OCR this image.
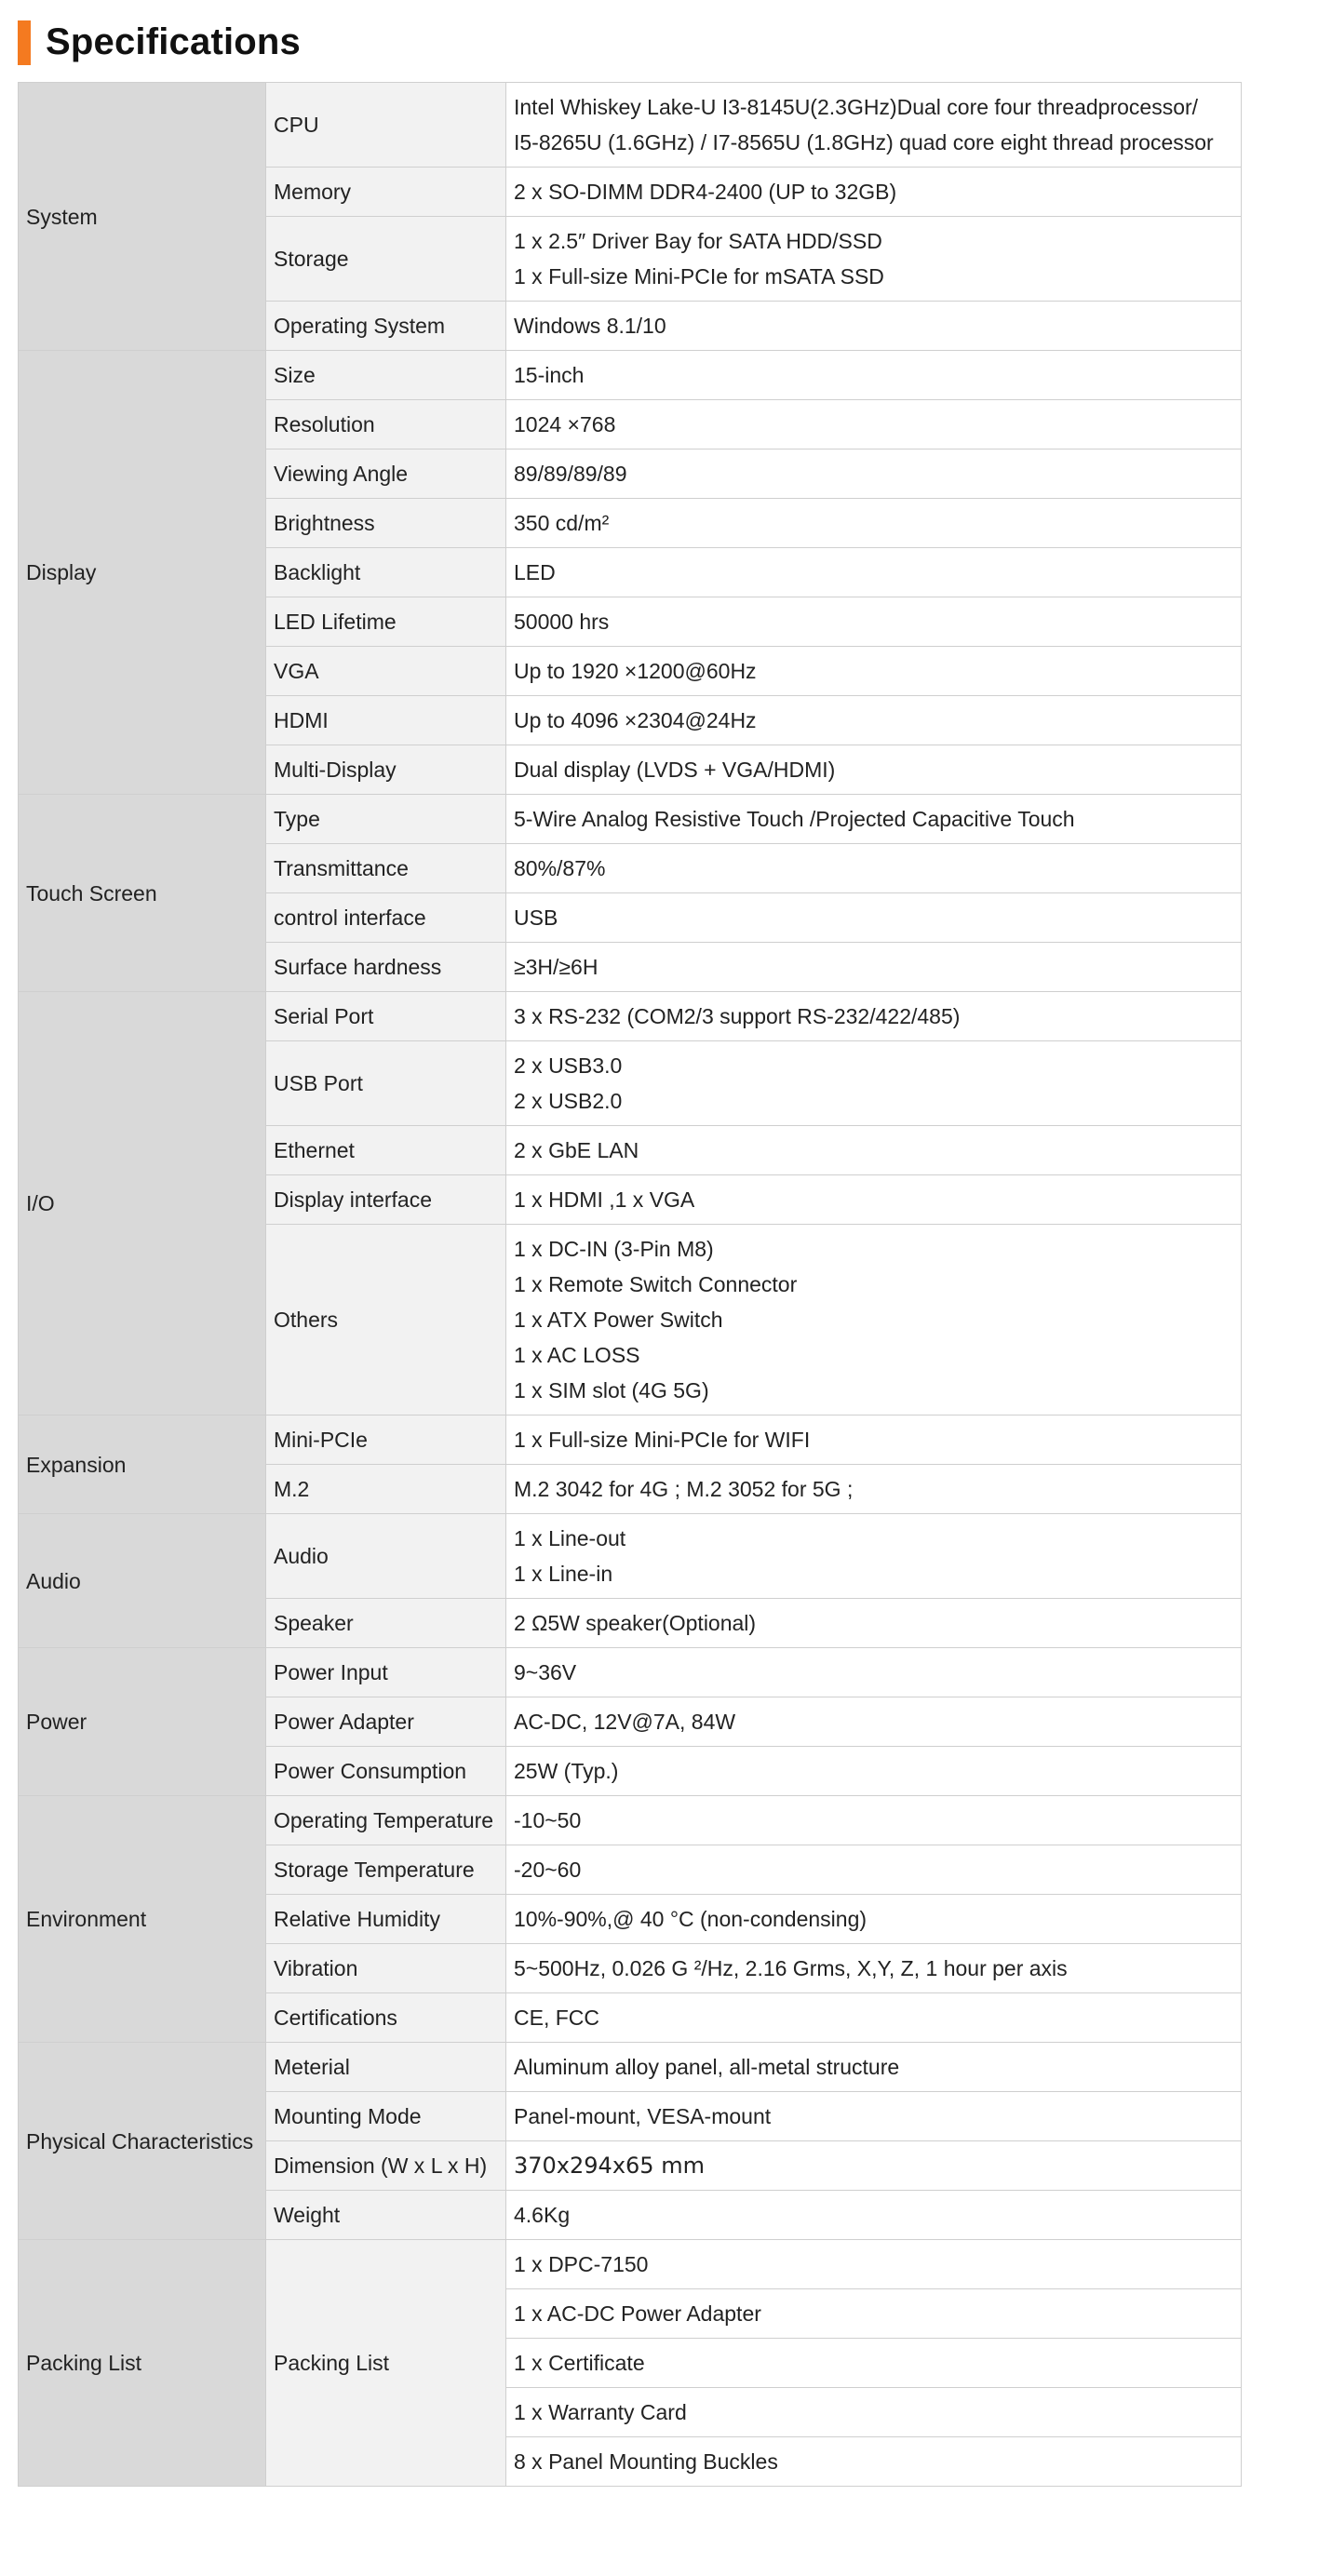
Specifications
System	CPU	Intel Whiskey Lake-U I3-8145U(2.3GHz)Dual core four threadprocessor/
I5-8265U (1.6GHz) / I7-8565U (1.8GHz) quad core eight thread processor

	Memory	2 x SO-DIMM DDR4-2400 (UP to 32GB)

	Storage	1 x 2.5″ Driver Bay for SATA HDD/SSD
1 x Full-size Mini-PCIe for mSATA SSD

	Operating System	Windows 8.1/10

Display	Size	15-inch

	Resolution	1024 ×768

	Viewing Angle	89/89/89/89

	Brightness	350 cd/m²

	Backlight	LED

	LED Lifetime	50000 hrs

	VGA	Up to 1920 ×1200@60Hz

	HDMI	Up to 4096 ×2304@24Hz

	Multi-Display	Dual display (LVDS + VGA/HDMI)

Touch Screen	Type	5-Wire Analog Resistive Touch /Projected Capacitive Touch

	Transmittance	80%/87%

	control interface	USB

	Surface hardness	≥3H/≥6H

I/O	Serial Port	3 x RS-232 (COM2/3 support RS-232/422/485)

	USB Port	2 x USB3.0
2 x USB2.0

	Ethernet	2 x GbE LAN

	Display interface	1 x HDMI ,1 x VGA

	Others	1 x DC-IN (3-Pin M8)
1 x Remote Switch Connector
1 x ATX Power Switch
1 x AC LOSS
1 x SIM slot (4G 5G)

Expansion	Mini-PCIe	1 x Full-size Mini-PCIe for WIFI

	M.2	M.2 3042 for 4G ; M.2 3052 for 5G ;

Audio	Audio	1 x Line-out
1 x Line-in

	Speaker	2 Ω5W speaker(Optional)

Power	Power Input	9~36V

	Power Adapter	AC-DC, 12V@7A, 84W

	Power Consumption	25W (Typ.)

Environment	Operating Temperature	-10~50

	Storage Temperature	-20~60

	Relative Humidity	10%-90%,@ 40 °C (non-condensing)

	Vibration	5~500Hz, 0.026 G ²/Hz, 2.16 Grms, X,Y, Z, 1 hour per axis

	Certifications	CE, FCC

Physical Characteristics	Meterial	Aluminum alloy panel, all-metal structure

	Mounting Mode	Panel-mount, VESA-mount

	Dimension (W x L x H)	370x294x65 mm

	Weight	4.6Kg

Packing List	Packing List	1 x DPC-7150

		1 x AC-DC Power Adapter

		1 x Certificate

		1 x Warranty Card

		8 x Panel Mounting Buckles
